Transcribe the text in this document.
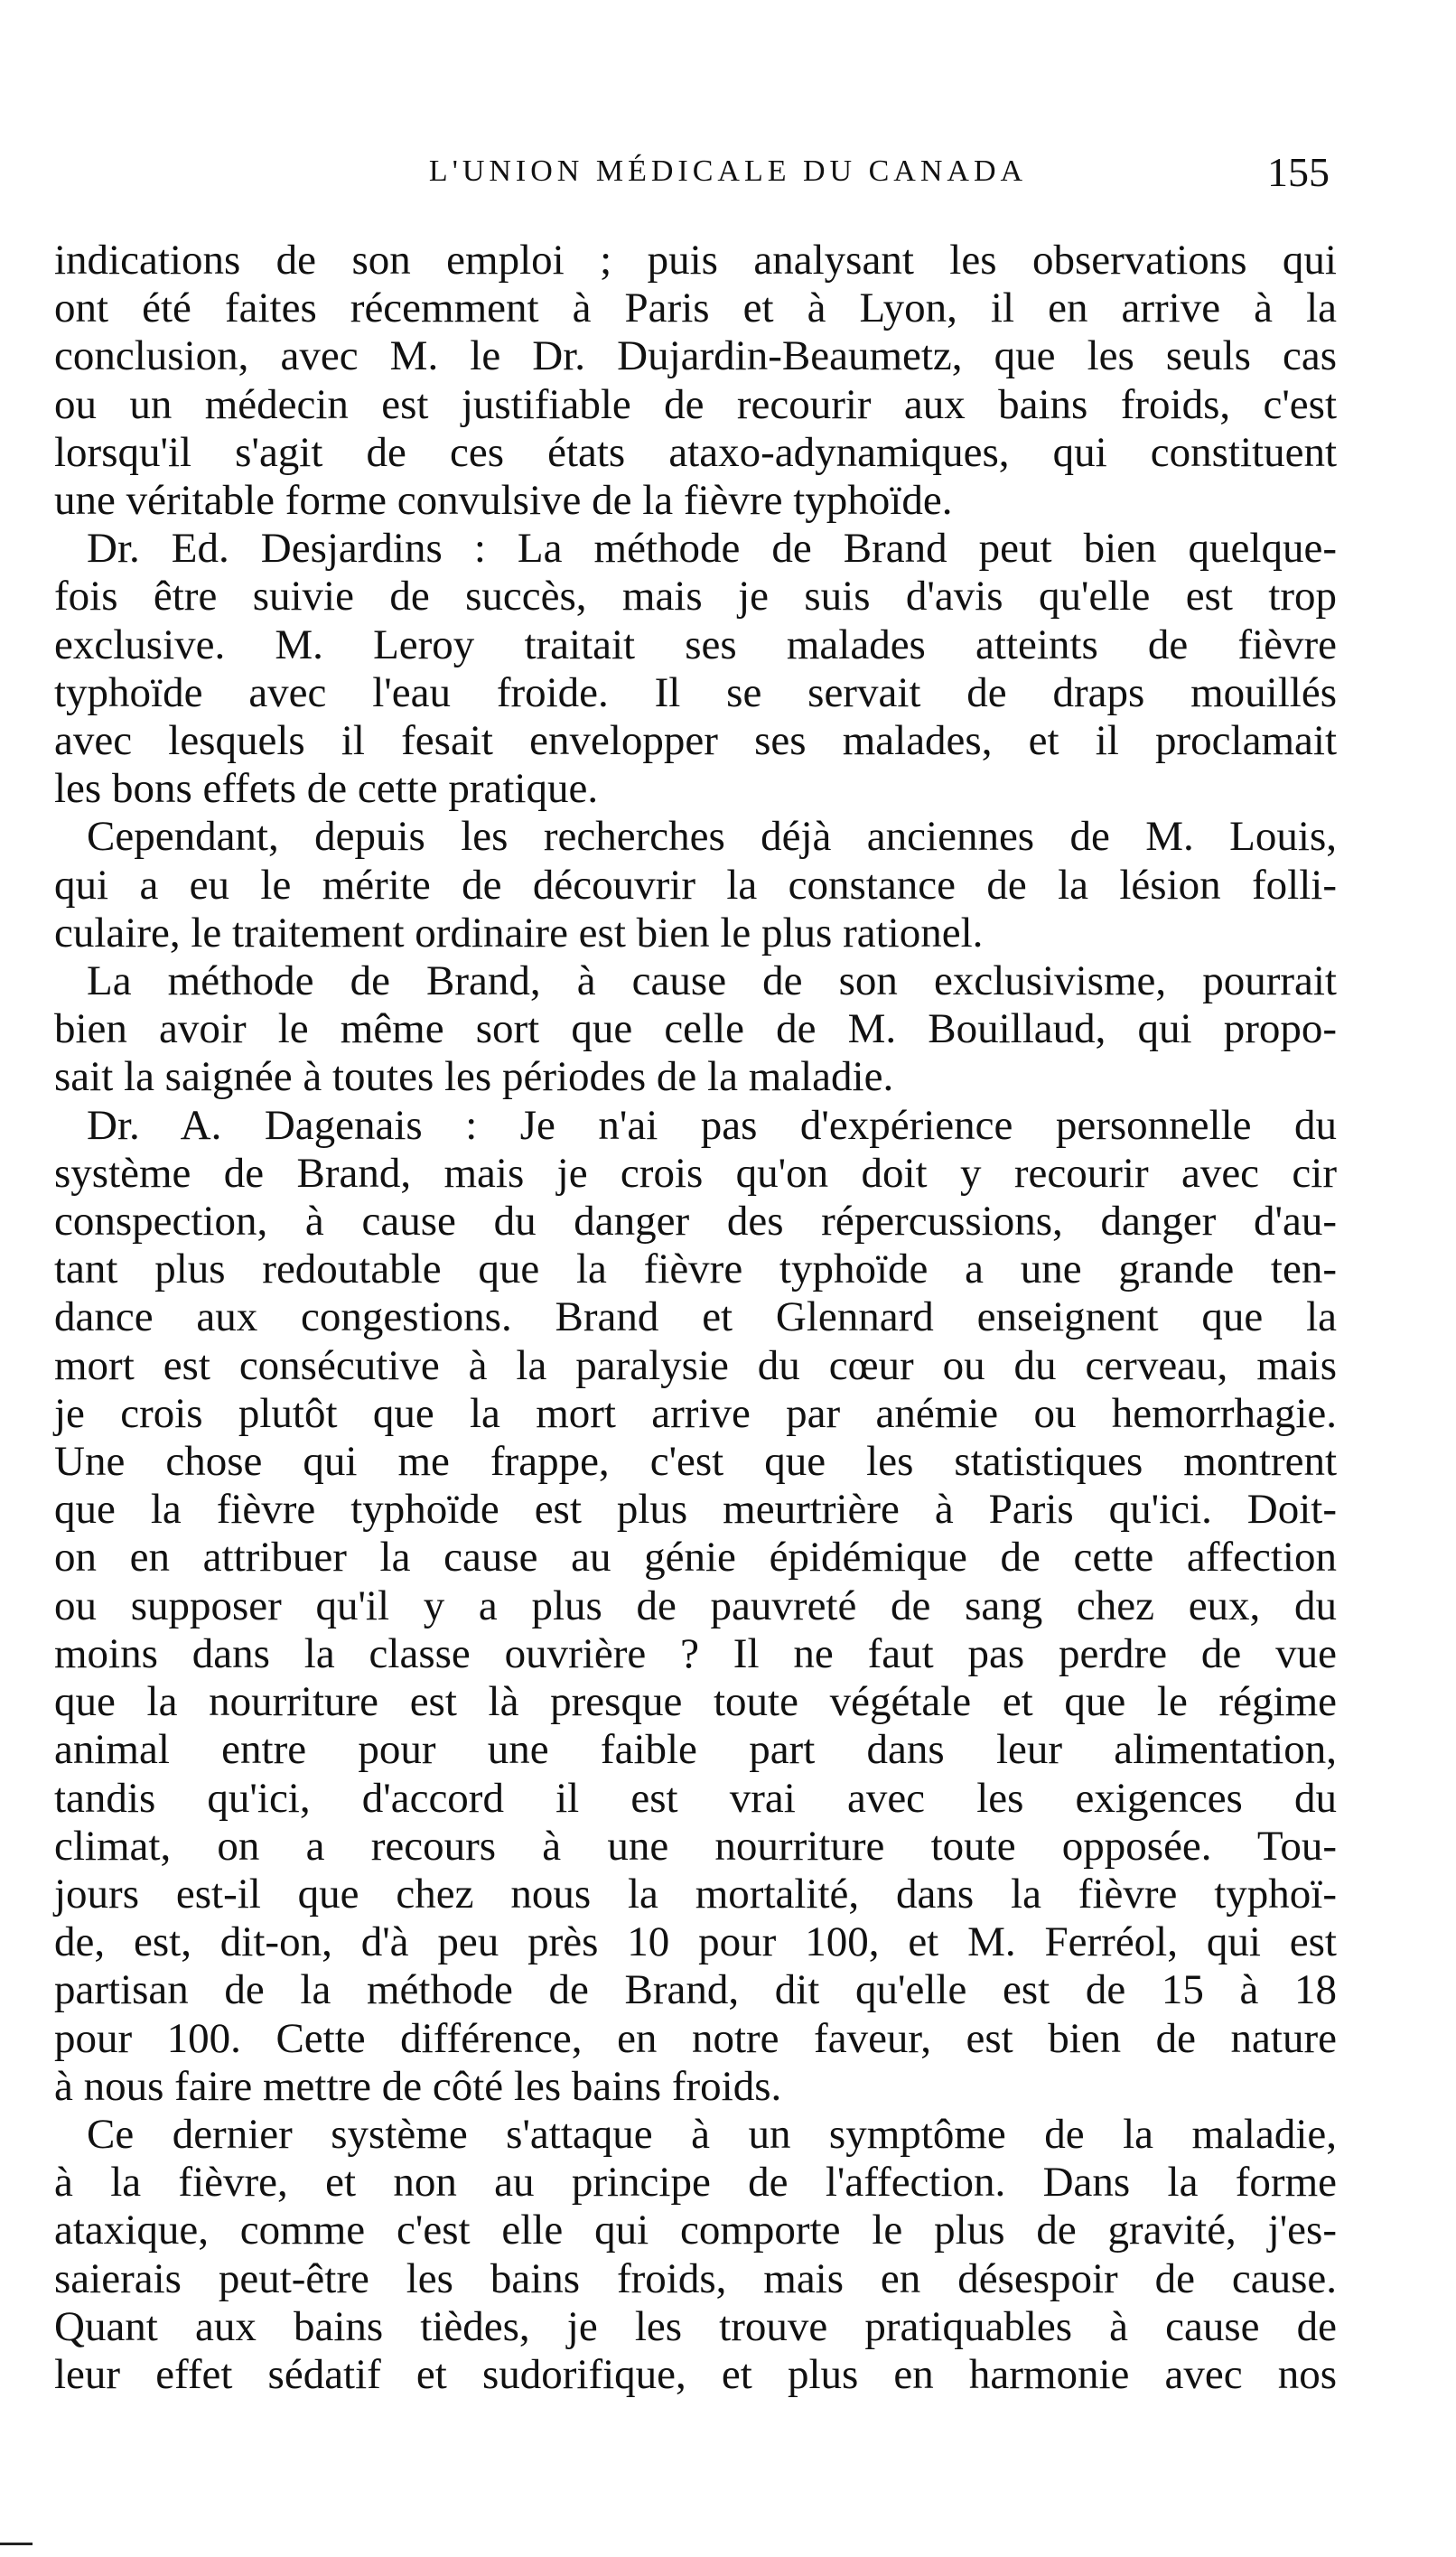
L'UNION MÉDICALE DU CANADA	155
indications de son emploi ; puis analysant les observations qui
ont été faites récemment à Paris et à Lyon, il en arrive à la
conclusion, avec M. le Dr. Dujardin-Beaumetz, que les seuls cas
ou un médecin est justifiable de recourir aux bains froids, c'est
lorsqu'il s'agit de ces états ataxo-adynamiques, qui constituent
une véritable forme convulsive de la fièvre typhoïde.
Dr. Ed. Desjardins : La méthode de Brand peut bien quelque-
fois être suivie de succès, mais je suis d'avis qu'elle est trop
exclusive. M. Leroy traitait ses malades atteints de fièvre
typhoïde avec l'eau froide. Il se servait de draps mouillés
avec lesquels il fesait envelopper ses malades, et il proclamait
les bons effets de cette pratique.
Cependant, depuis les recherches déjà anciennes de M. Louis,
qui a eu le mérite de découvrir la constance de la lésion folli-
culaire, le traitement ordinaire est bien le plus rationel.
La méthode de Brand, à cause de son exclusivisme, pourrait
bien avoir le même sort que celle de M. Bouillaud, qui propo-
sait la saignée à toutes les périodes de la maladie.
Dr. A. Dagenais : Je n'ai pas d'expérience personnelle du
système de Brand, mais je crois qu'on doit y recourir avec cir
conspection, à cause du danger des répercussions, danger d'au-
tant plus redoutable que la fièvre typhoïde a une grande ten-
dance aux congestions. Brand et Glennard enseignent que la
mort est consécutive à la paralysie du cœur ou du cerveau, mais
je crois plutôt que la mort arrive par anémie ou hemorrhagie.
Une chose qui me frappe, c'est que les statistiques montrent
que la fièvre typhoïde est plus meurtrière à Paris qu'ici. Doit-
on en attribuer la cause au génie épidémique de cette affection
ou supposer qu'il y a plus de pauvreté de sang chez eux, du
moins dans la classe ouvrière ? Il ne faut pas perdre de vue
que la nourriture est là presque toute végétale et que le régime
animal entre pour une faible part dans leur alimentation,
tandis qu'ici, d'accord il est vrai avec les exigences du
climat, on a recours à une nourriture toute opposée. Tou-
jours est-il que chez nous la mortalité, dans la fièvre typhoï-
de, est, dit-on, d'à peu près 10 pour 100, et M. Ferréol, qui est
partisan de la méthode de Brand, dit qu'elle est de 15 à 18
pour 100. Cette différence, en notre faveur, est bien de nature
à nous faire mettre de côté les bains froids.
Ce dernier système s'attaque à un symptôme de la maladie,
à la fièvre, et non au principe de l'affection. Dans la forme
ataxique, comme c'est elle qui comporte le plus de gravité, j'es-
saierais peut-être les bains froids, mais en désespoir de cause.
Quant aux bains tièdes, je les trouve pratiquables à cause de
leur effet sédatif et sudorifique, et plus en harmonie avec nos
